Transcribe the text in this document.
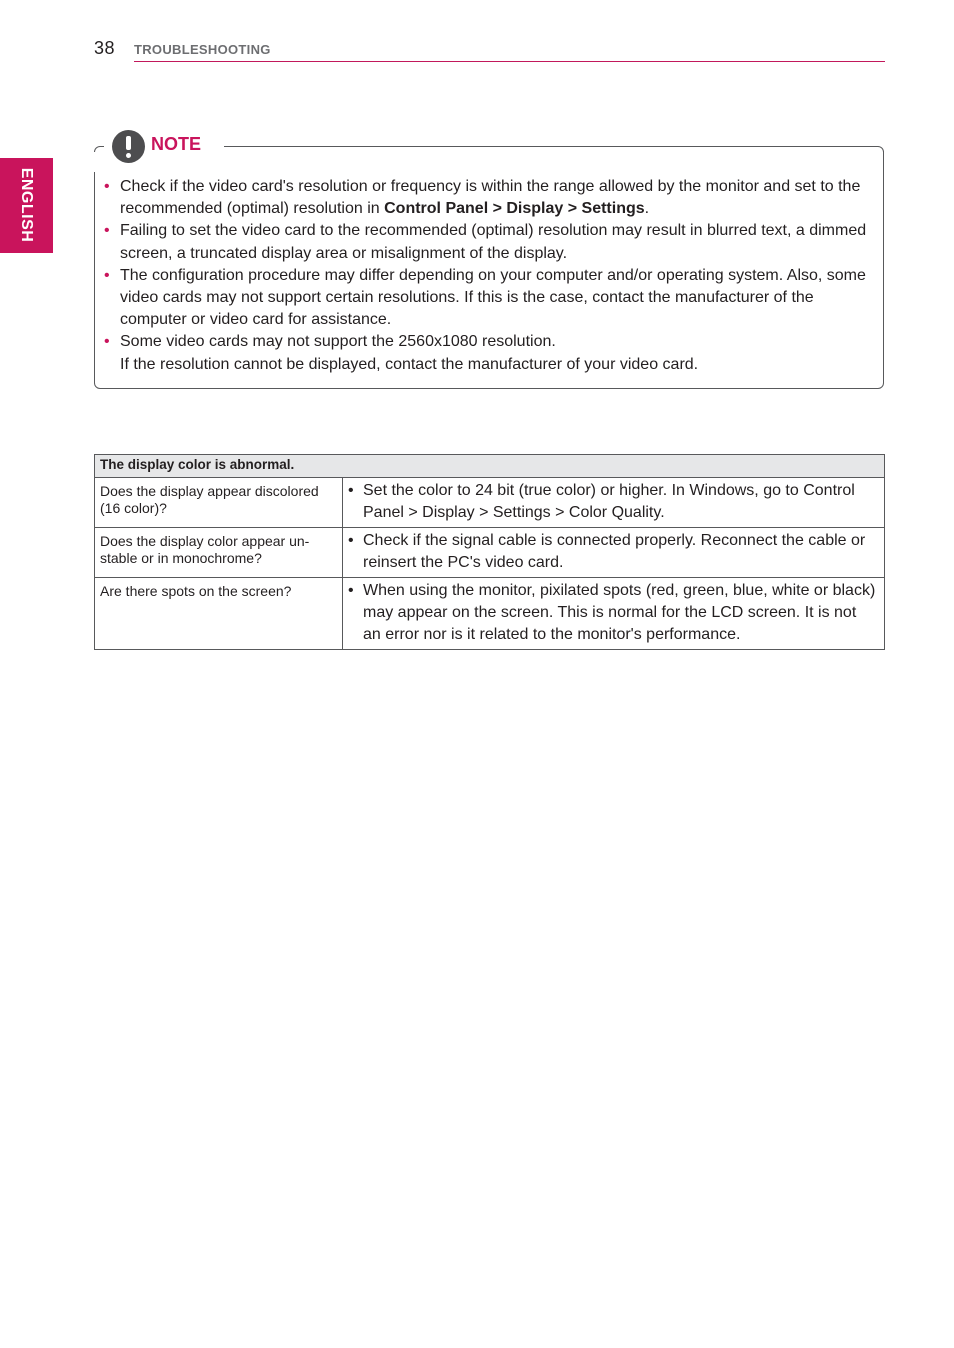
38 TROUBLESHOOTING
ENGLISH
NOTE
• Check if the video card's resolution or frequency is within the range allowed by the monitor and set to the recommended (optimal) resolution in Control Panel > Display > Settings.
• Failing to set the video card to the recommended (optimal) resolution may result in blurred text, a dimmed screen, a truncated display area or misalignment of the display.
• The configuration procedure may differ depending on your computer and/or operating system. Also, some video cards may not support certain resolutions. If this is the case, contact the manufacturer of the computer or video card for assistance.
• Some video cards may not support the 2560x1080 resolution.
If the resolution cannot be displayed, contact the manufacturer of your video card.
The display color is abnormal.	
Does the display appear discolored (16 color)?	• Set the color to 24 bit (true color) or higher. In Windows, go to Control Panel > Display > Settings > Color Quality.

Does the display color appear un-stable or in monochrome?	• Check if the signal cable is connected properly. Reconnect the cable or reinsert the PC's video card.

Are there spots on the screen?	• When using the monitor, pixilated spots (red, green, blue, white or black) may appear on the screen. This is normal for the LCD screen. It is not an error nor is it related to the monitor's performance.
